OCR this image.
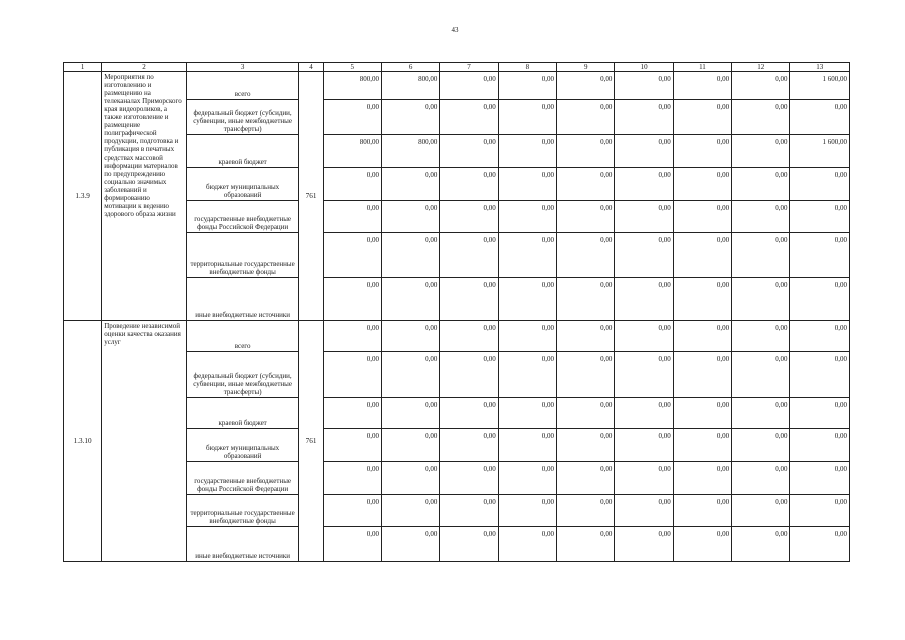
43
1	2	3	4	5	6	7	8	9	10	11	12	13
1.3.9	Мероприятия по изготовлению и размещению на телеканалах Приморского края видеороликов, а также изготовление и размещение полиграфической продукции, подготовка и публикация в печатных средствах массовой информации материалов по предупреждению социально значимых заболеваний и формированию мотивации к ведению здорового образа жизни	всего	761	800,00	800,00	0,00	0,00	0,00	0,00	0,00	0,00	1 600,00
		федеральный бюджет (субсидии, субвенции, иные межбюджетные трансферты)		0,00	0,00	0,00	0,00	0,00	0,00	0,00	0,00	0,00
		краевой бюджет		800,00	800,00	0,00	0,00	0,00	0,00	0,00	0,00	1 600,00
		бюджет муниципальных образований		0,00	0,00	0,00	0,00	0,00	0,00	0,00	0,00	0,00
		государственные внебюджетные фонды Российской Федерации		0,00	0,00	0,00	0,00	0,00	0,00	0,00	0,00	0,00
		территориальные государственные внебюджетные фонды		0,00	0,00	0,00	0,00	0,00	0,00	0,00	0,00	0,00
		иные внебюджетные источники		0,00	0,00	0,00	0,00	0,00	0,00	0,00	0,00	0,00
1.3.10	Проведение независимой оценки качества оказания услуг	всего	761	0,00	0,00	0,00	0,00	0,00	0,00	0,00	0,00	0,00
		федеральный бюджет (субсидии, субвенции, иные межбюджетные трансферты)		0,00	0,00	0,00	0,00	0,00	0,00	0,00	0,00	0,00
		краевой бюджет		0,00	0,00	0,00	0,00	0,00	0,00	0,00	0,00	0,00
		бюджет муниципальных образований		0,00	0,00	0,00	0,00	0,00	0,00	0,00	0,00	0,00
		государственные внебюджетные фонды Российской Федерации		0,00	0,00	0,00	0,00	0,00	0,00	0,00	0,00	0,00
		территориальные государственные внебюджетные фонды		0,00	0,00	0,00	0,00	0,00	0,00	0,00	0,00	0,00
		иные внебюджетные источники		0,00	0,00	0,00	0,00	0,00	0,00	0,00	0,00	0,00
